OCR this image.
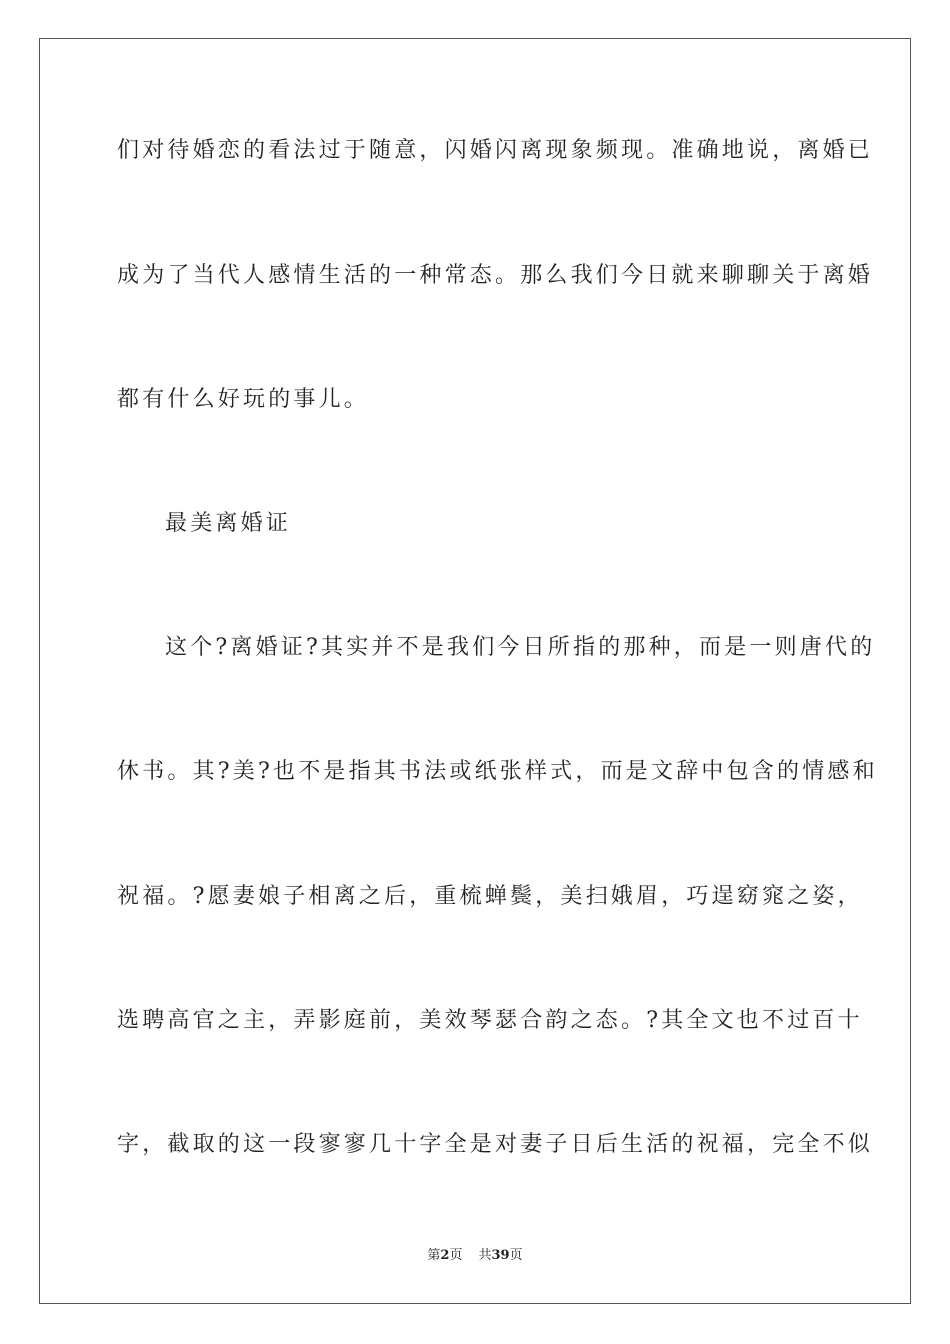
们对待婚恋的看法过于随意，闪婚闪离现象频现。准确地说，离婚已
成为了当代人感情生活的一种常态。那么我们今日就来聊聊关于离婚
都有什么好玩的事儿。
最美离婚证
这个?离婚证?其实并不是我们今日所指的那种，而是一则唐代的
休书。其?美?也不是指其书法或纸张样式，而是文辞中包含的情感和
祝福。?愿妻娘子相离之后，重梳蝉鬓，美扫娥眉，巧逞窈窕之姿，
选聘高官之主，弄影庭前，美效琴瑟合韵之态。?其全文也不过百十
字，截取的这一段寥寥几十字全是对妻子日后生活的祝福，完全不似
第2页 共39页
